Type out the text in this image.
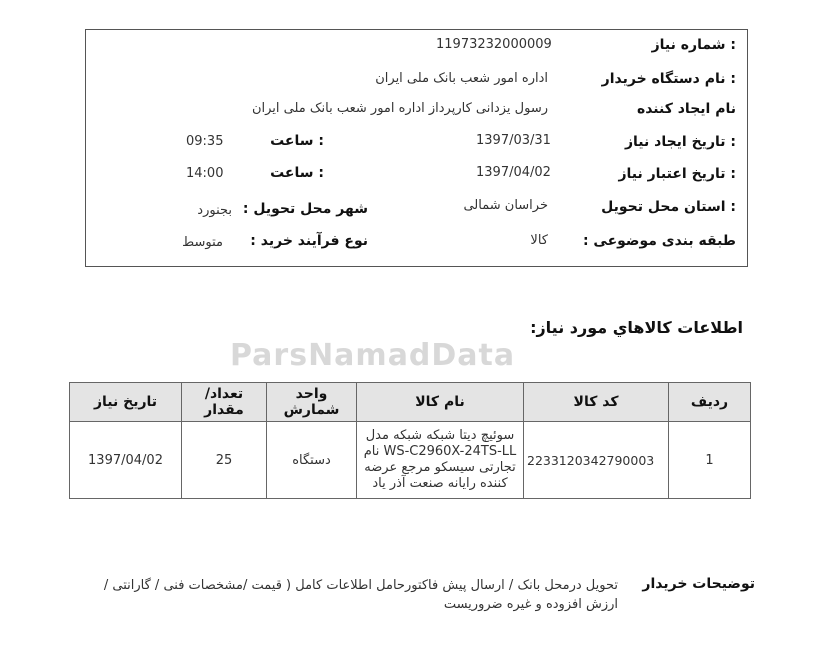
شماره نیاز :
11973232000009
نام دستگاه خریدار :
اداره امور شعب بانک ملی ایران
نام ایجاد کننده
رسول یزدانی کارپرداز اداره امور شعب بانک ملی ایران
تاریخ ایجاد نیاز :
1397/03/31
ساعت :
09:35
تاریخ اعتبار نیاز :
1397/04/02
ساعت :
14:00
استان محل تحویل :
خراسان شمالی
شهر محل تحویل :
بجنورد
طبقه بندی موضوعی :
کالا
نوع فرآیند خرید :
متوسط
ParsNamadData
اطلاعات کالاهاي مورد نیاز:
ردیف	کد کالا	نام کالا	واحد شمارش	تعداد/ مقدار	تاریخ نیاز
1	2233120342790003	سوئیچ دیتا شبکه شبکه مدل WS-C2960X-24TS-LL نام تجارتی سیسکو مرجع عرضه کننده رایانه صنعت آذر یاد	دستگاه	25	1397/04/02
توضیحات خریدار
تحویل درمحل بانک / ارسال پیش فاکتورحامل اطلاعات کامل ( قیمت /مشخصات فنی / گارانتی /ارزش افزوده و غیره ضروریست
